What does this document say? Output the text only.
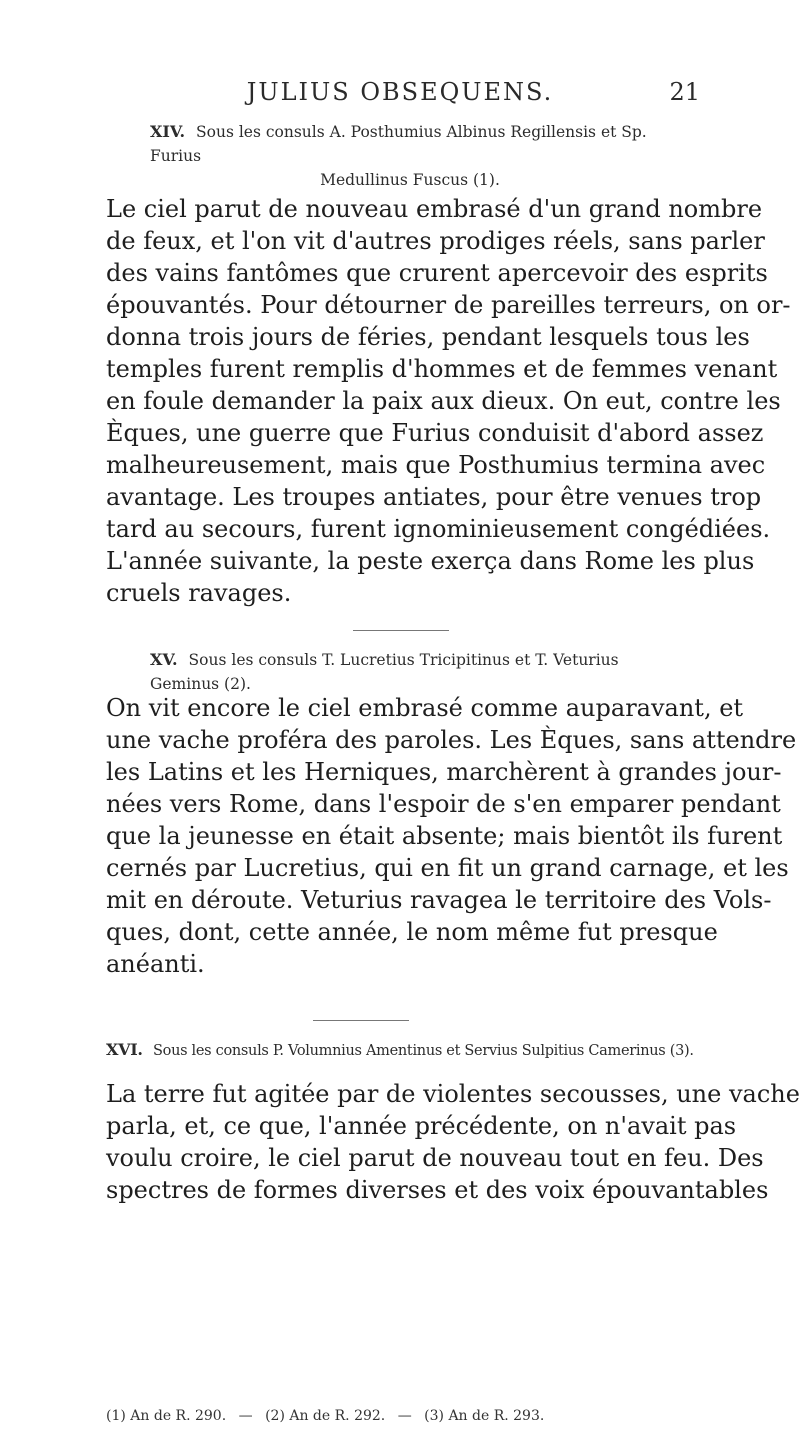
JULIUS OBSEQUENS.	21
XIV. Sous les consuls A. Posthumius Albinus Regillensis et Sp. Furius
Medullinus Fuscus (1).
Le ciel parut de nouveau embrasé d'un grand nombre
de feux, et l'on vit d'autres prodiges réels, sans parler
des vains fantômes que crurent apercevoir des esprits
épouvantés. Pour détourner de pareilles terreurs, on or-
donna trois jours de féries, pendant lesquels tous les
temples furent remplis d'hommes et de femmes venant
en foule demander la paix aux dieux. On eut, contre les
Èques, une guerre que Furius conduisit d'abord assez
malheureusement, mais que Posthumius termina avec
avantage. Les troupes antiates, pour être venues trop
tard au secours, furent ignominieusement congédiées.
L'année suivante, la peste exerça dans Rome les plus
cruels ravages.
XV. Sous les consuls T. Lucretius Tricipitinus et T. Veturius Geminus (2).
On vit encore le ciel embrasé comme auparavant, et
une vache proféra des paroles. Les Èques, sans attendre
les Latins et les Herniques, marchèrent à grandes jour-
nées vers Rome, dans l'espoir de s'en emparer pendant
que la jeunesse en était absente; mais bientôt ils furent
cernés par Lucretius, qui en fit un grand carnage, et les
mit en déroute. Veturius ravagea le territoire des Vols-
ques, dont, cette année, le nom même fut presque
anéanti.
XVI. Sous les consuls P. Volumnius Amentinus et Servius Sulpitius Camerinus (3).
La terre fut agitée par de violentes secousses, une vache
parla, et, ce que, l'année précédente, on n'avait pas
voulu croire, le ciel parut de nouveau tout en feu. Des
spectres de formes diverses et des voix épouvantables
(1) An de R. 290. — (2) An de R. 292. — (3) An de R. 293.
